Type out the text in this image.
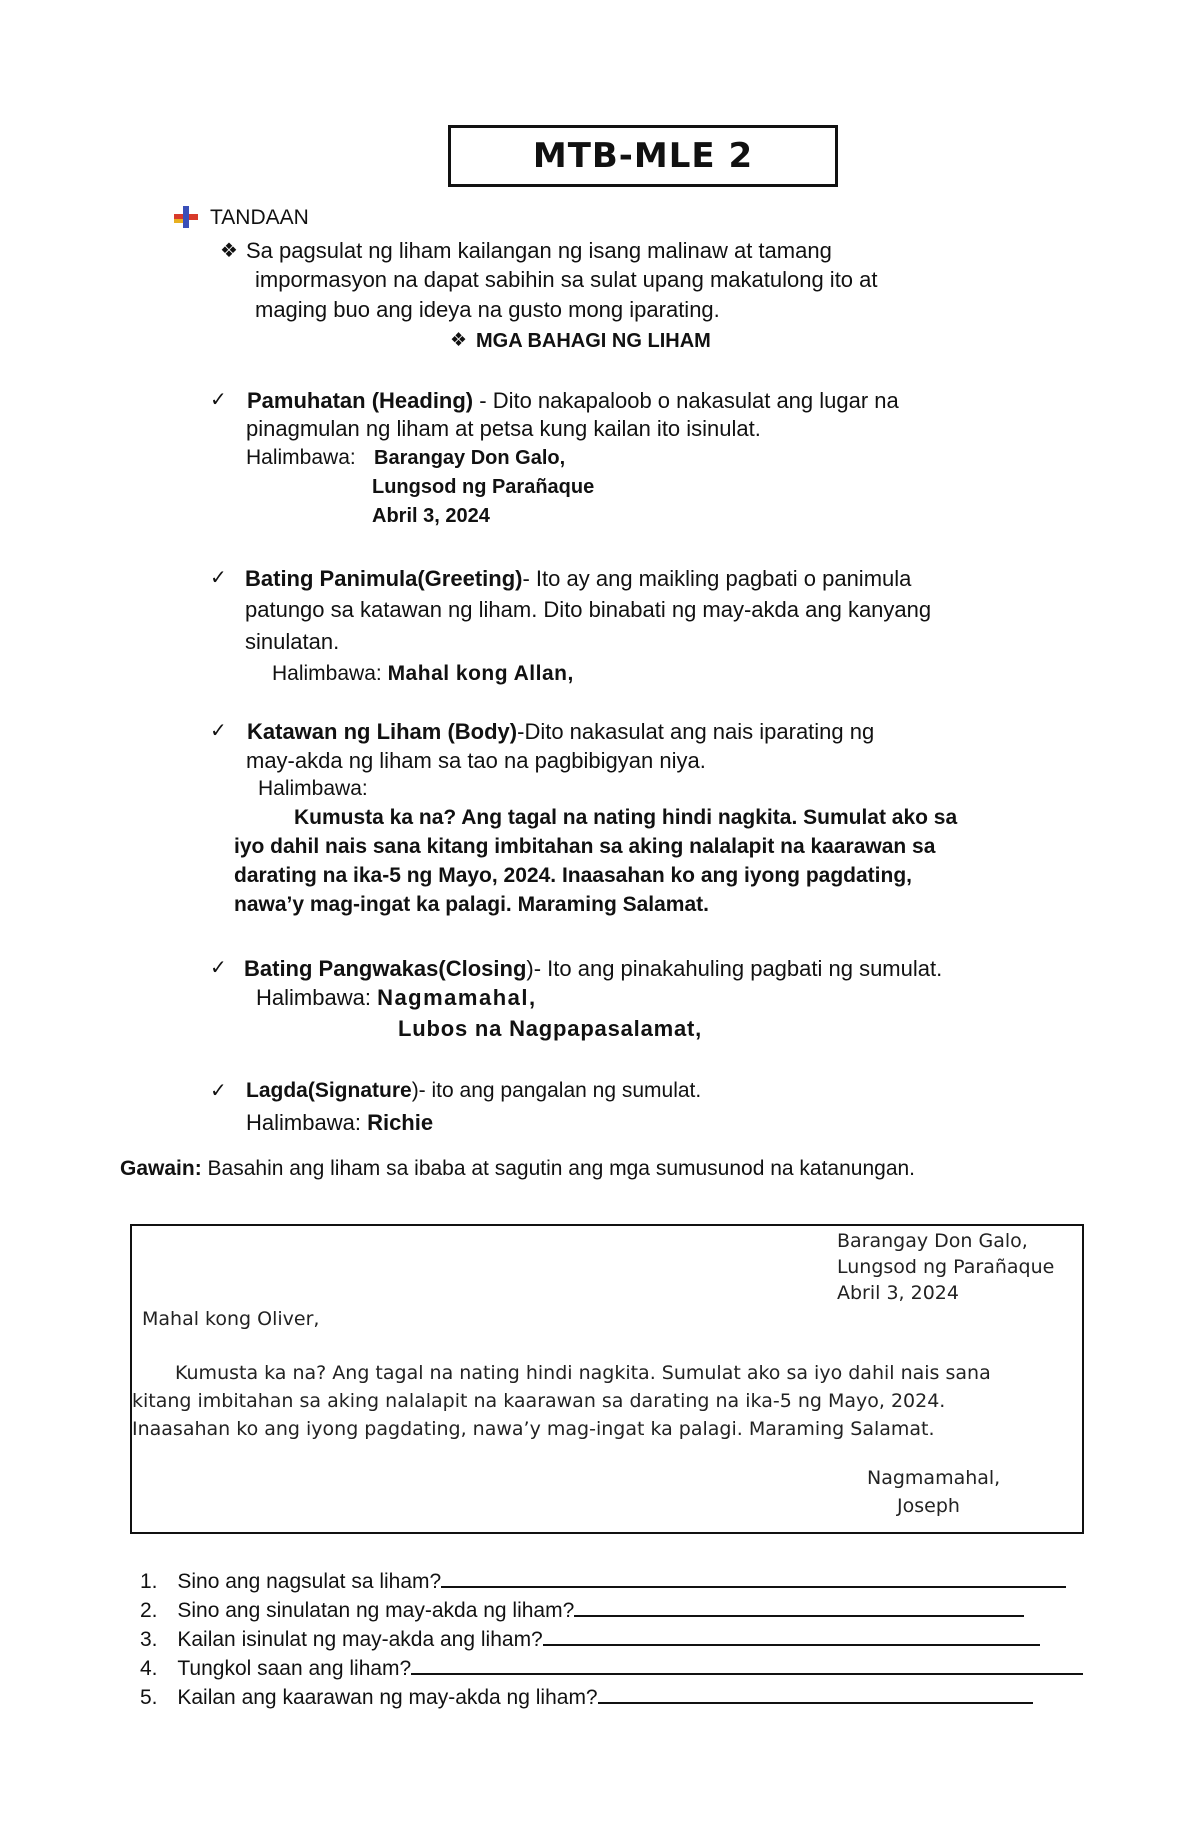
MTB-MLE 2
TANDAAN
❖ Sa pagsulat ng liham kailangan ng isang malinaw at tamang
impormasyon na dapat sabihin sa sulat upang makatulong ito at
maging buo ang ideya na gusto mong iparating.
❖ MGA BAHAGI NG LIHAM
✓ Pamuhatan (Heading) - Dito nakapaloob o nakasulat ang lugar na
pinagmulan ng liham at petsa kung kailan ito isinulat.
Halimbawa: Barangay Don Galo,
Lungsod ng Parañaque
Abril 3, 2024
✓ Bating Panimula(Greeting)- Ito ay ang maikling pagbati o panimula
patungo sa katawan ng liham. Dito binabati ng may-akda ang kanyang
sinulatan.
Halimbawa: Mahal kong Allan,
✓ Katawan ng Liham (Body)-Dito nakasulat ang nais iparating ng
may-akda ng liham sa tao na pagbibigyan niya.
Halimbawa:
Kumusta ka na? Ang tagal na nating hindi nagkita. Sumulat ako sa
iyo dahil nais sana kitang imbitahan sa aking nalalapit na kaarawan sa
darating na ika-5 ng Mayo, 2024. Inaasahan ko ang iyong pagdating,
nawa’y mag-ingat ka palagi. Maraming Salamat.
✓ Bating Pangwakas(Closing)- Ito ang pinakahuling pagbati ng sumulat.
Halimbawa: Nagmamahal,
Lubos na Nagpapasalamat,
✓ Lagda(Signature)- ito ang pangalan ng sumulat.
Halimbawa: Richie
Gawain: Basahin ang liham sa ibaba at sagutin ang mga sumusunod na katanungan.
Barangay Don Galo,
Lungsod ng Parañaque
Abril 3, 2024
Mahal kong Oliver,
Kumusta ka na? Ang tagal na nating hindi nagkita. Sumulat ako sa iyo dahil nais sana
kitang imbitahan sa aking nalalapit na kaarawan sa darating na ika-5 ng Mayo, 2024.
Inaasahan ko ang iyong pagdating, nawa’y mag-ingat ka palagi. Maraming Salamat.
Nagmamahal,
Joseph
1. Sino ang nagsulat sa liham?
2. Sino ang sinulatan ng may-akda ng liham?
3. Kailan isinulat ng may-akda ang liham?
4. Tungkol saan ang liham?
5. Kailan ang kaarawan ng may-akda ng liham?
